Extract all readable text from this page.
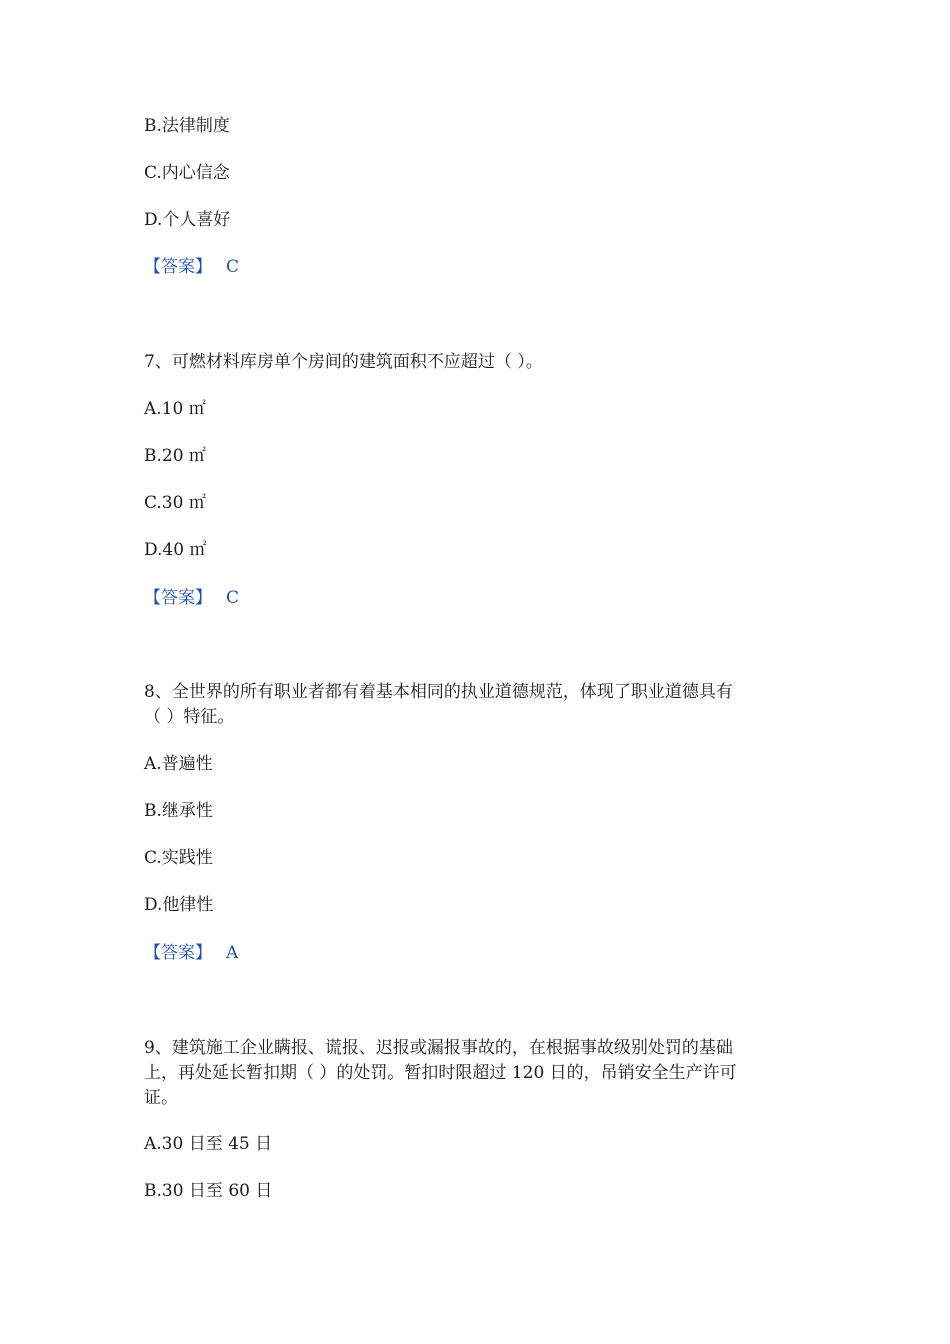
B.法律制度
C.内心信念
D.个人喜好
【答案】 C
7、可燃材料库房单个房间的建筑面积不应超过（ ）。
A.10 ㎡
B.20 ㎡
C.30 ㎡
D.40 ㎡
【答案】 C
8、全世界的所有职业者都有着基本相同的执业道德规范，体现了职业道德具有
（ ）特征。
A.普遍性
B.继承性
C.实践性
D.他律性
【答案】 A
9、建筑施工企业瞒报、谎报、迟报或漏报事故的，在根据事故级别处罚的基础
上，再处延长暂扣期（ ）的处罚。暂扣时限超过 120 日的，吊销安全生产许可
证。
A.30 日至 45 日
B.30 日至 60 日
